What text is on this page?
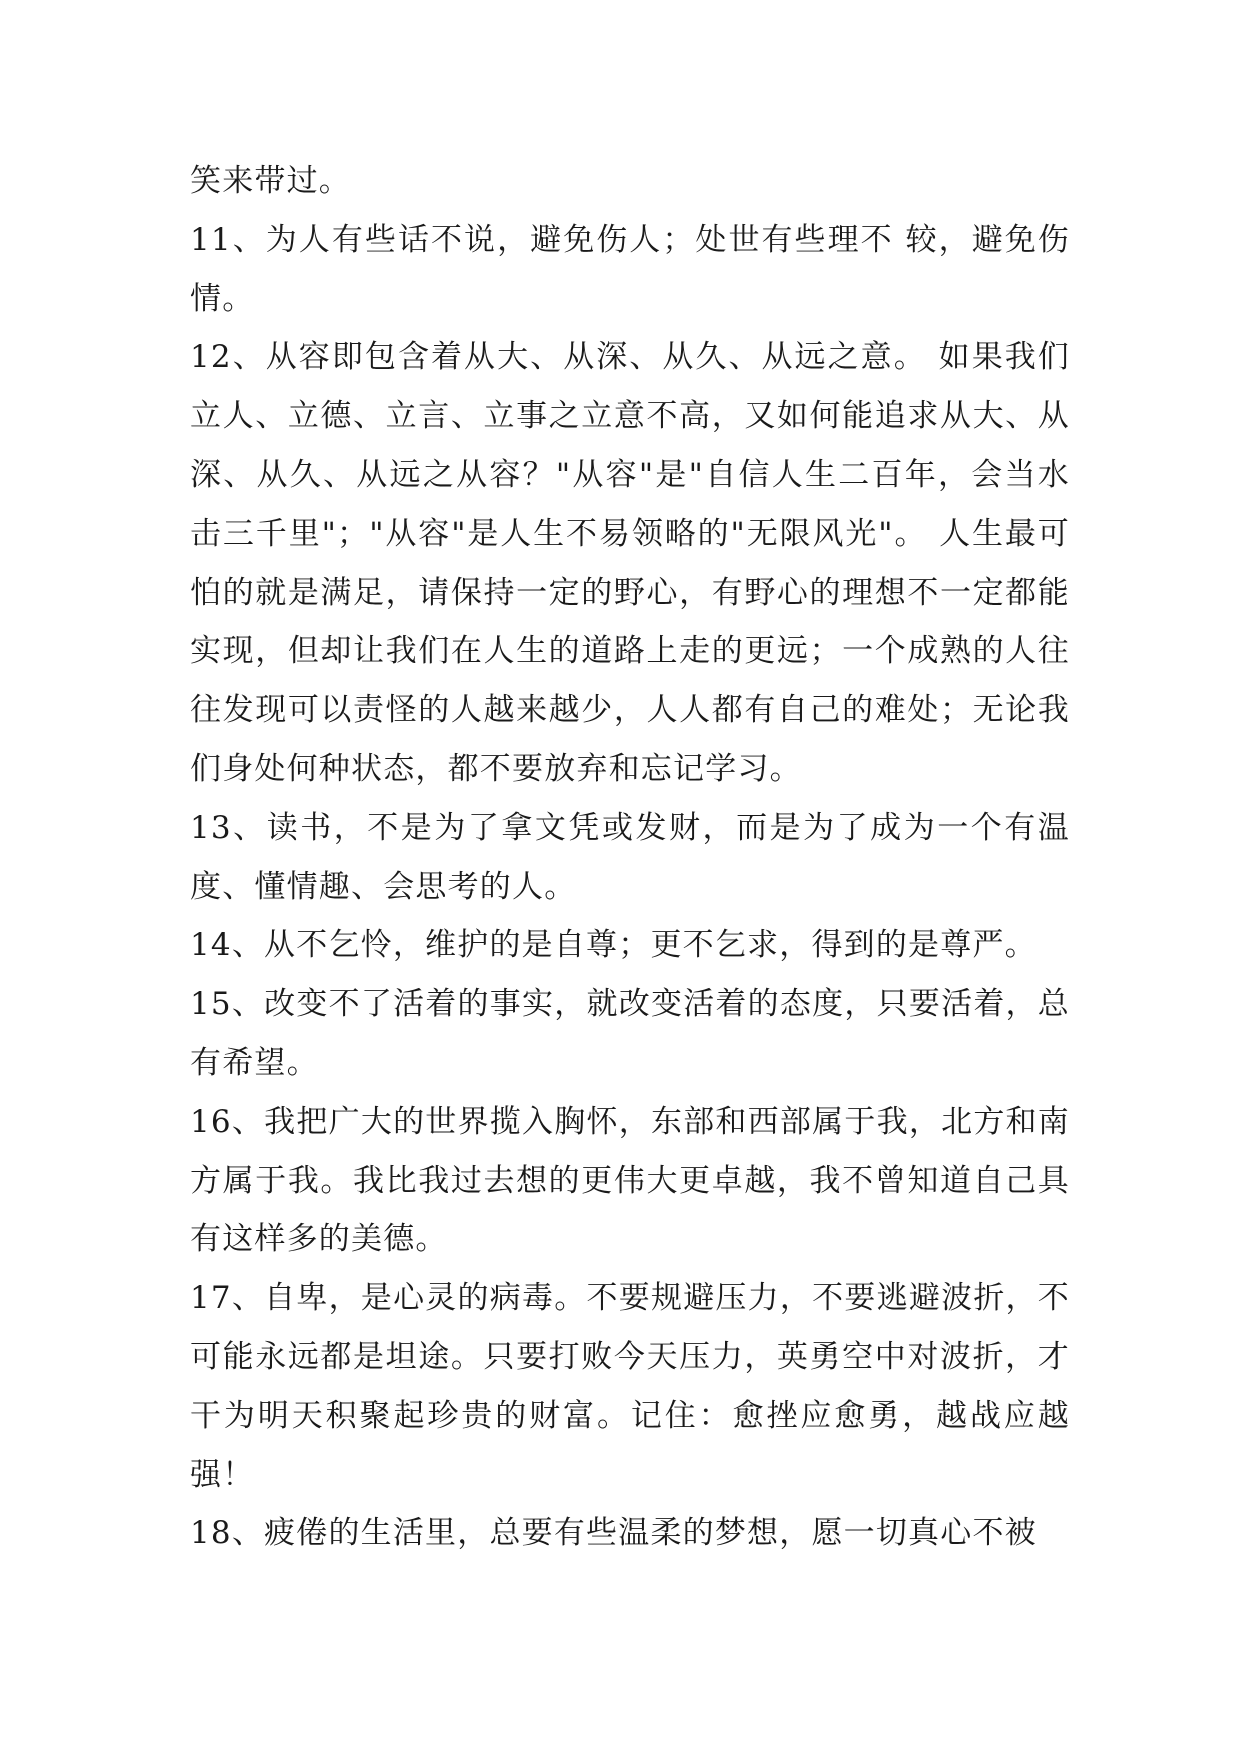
笑来带过。

11、为人有些话不说，避免伤人；处世有些理不 较，避免伤情。

12、从容即包含着从大、从深、从久、从远之意。 如果我们立人、立德、立言、立事之立意不高，又如何能追求从大、从深、从久、从远之从容？"从容"是"自信人生二百年，会当水击三千里"；"从容"是人生不易领略的"无限风光"。 人生最可怕的就是满足，请保持一定的野心，有野心的理想不一定都能实现，但却让我们在人生的道路上走的更远；一个成熟的人往往发现可以责怪的人越来越少，人人都有自己的难处；无论我们身处何种状态，都不要放弃和忘记学习。

13、读书，不是为了拿文凭或发财，而是为了成为一个有温度、懂情趣、会思考的人。

14、从不乞怜，维护的是自尊；更不乞求，得到的是尊严。

15、改变不了活着的事实，就改变活着的态度，只要活着，总有希望。

16、我把广大的世界揽入胸怀，东部和西部属于我，北方和南方属于我。我比我过去想的更伟大更卓越，我不曾知道自己具有这样多的美德。

17、自卑，是心灵的病毒。不要规避压力，不要逃避波折，不可能永远都是坦途。只要打败今天压力，英勇空中对波折，才干为明天积聚起珍贵的财富。记住：愈挫应愈勇，越战应越强！

18、疲倦的生活里，总要有些温柔的梦想，愿一切真心不被
